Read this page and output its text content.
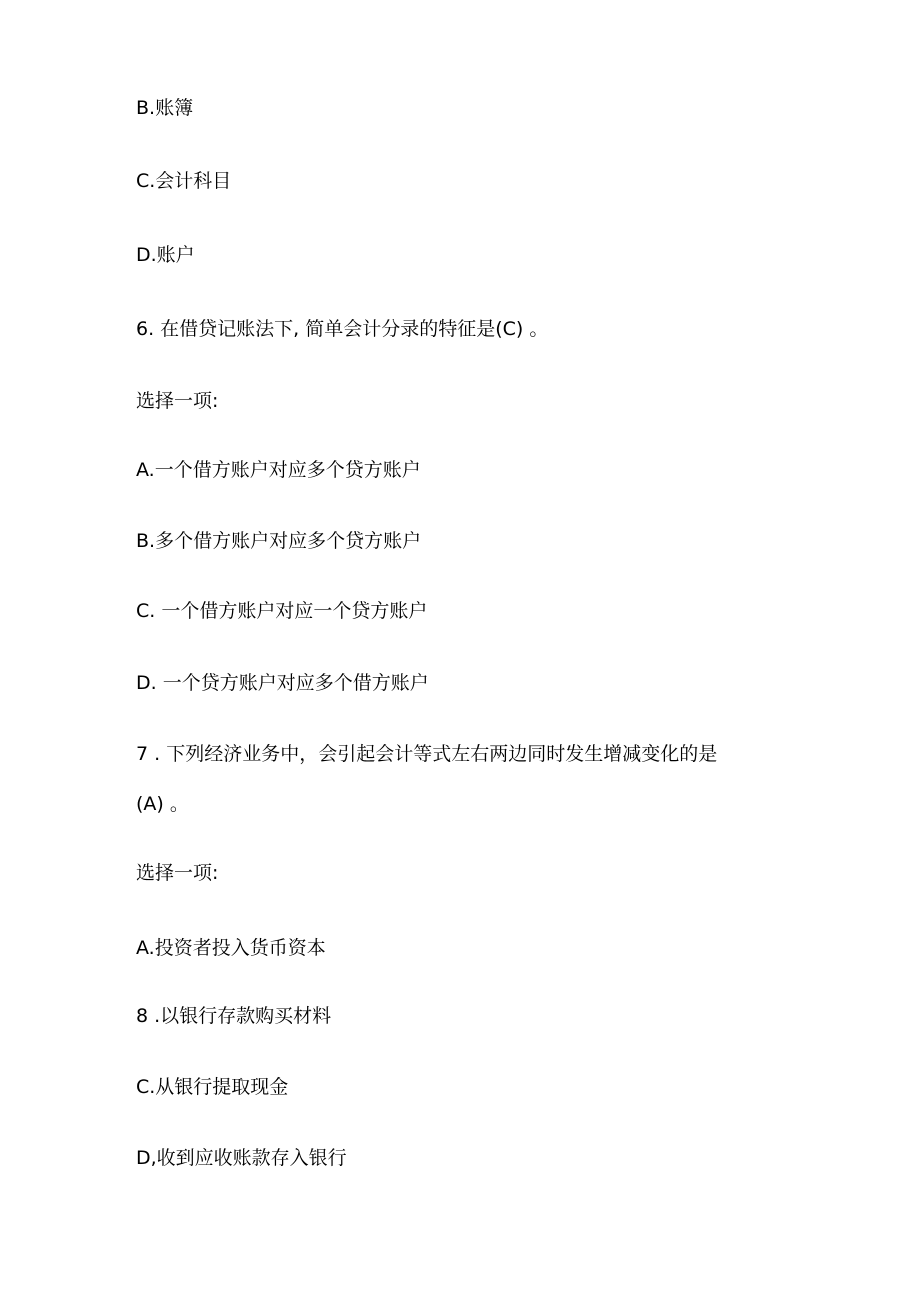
B.账簿
C.会计科目
D.账户
6. 在借贷记账法下, 简单会计分录的特征是(C) 。
选择一项:
A.一个借方账户对应多个贷方账户
B.多个借方账户对应多个贷方账户
C. 一个借方账户对应一个贷方账户
D. 一个贷方账户对应多个借方账户
7 . 下列经济业务中，会引起会计等式左右两边同时发生增减变化的是
(A) 。
选择一项:
A.投资者投入货币资本
8 .以银行存款购买材料
C.从银行提取现金
D,收到应收账款存入银行
